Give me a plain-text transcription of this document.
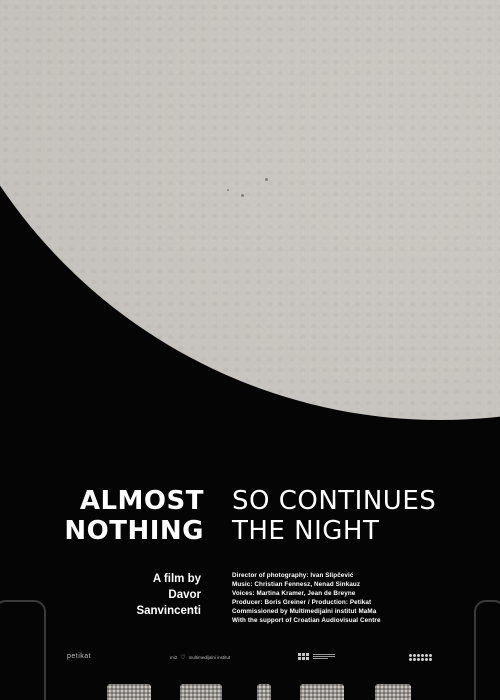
ALMOST
NOTHING
SO CONTINUES
THE NIGHT
A film by
Davor
Sanvincenti
Director of photography: Ivan Slipčević
Music: Christian Fennesz, Nenad Sinkauz
Voices: Martina Kramer, Jean de Breyne
Producer: Boris Greiner / Production: Petikat
Commissioned by Multimedijalni institut MaMa
With the support of Croatian Audiovisual Centre
petikat	mi2 ♡ multimedijalni institut
